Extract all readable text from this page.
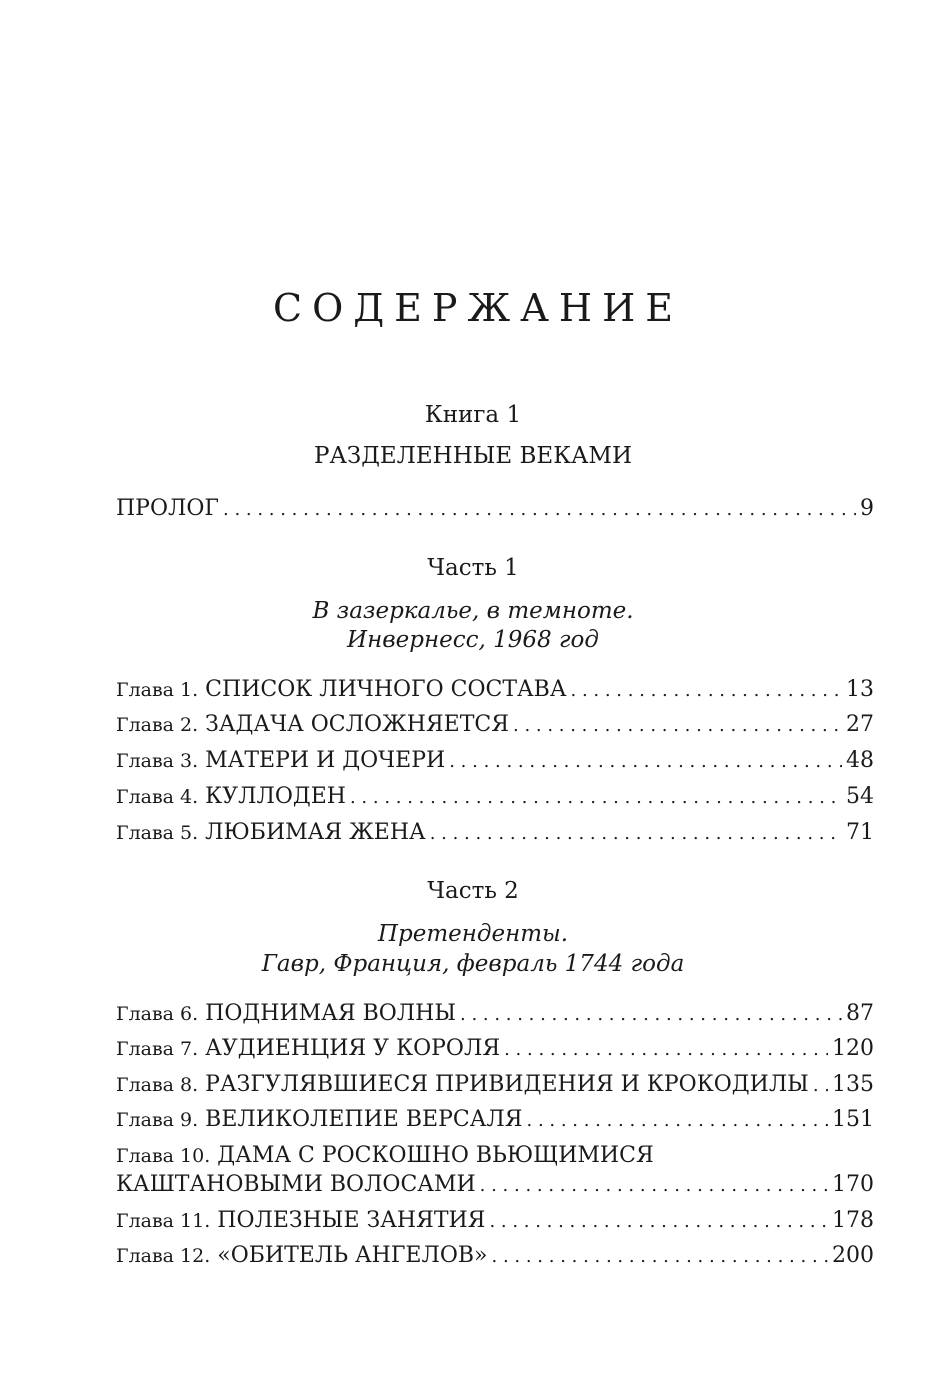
СОДЕРЖАНИЕ
Книга 1
РАЗДЕЛЕННЫЕ ВЕКАМИ
ПРОЛОГ . . .	9
Часть 1
В зазеркалье, в темноте.
Инвернесс, 1968 год
Глава 1. СПИСОК ЛИЧНОГО СОСТАВА . . .	13
Глава 2. ЗАДАЧА ОСЛОЖНЯЕТСЯ . . .	27
Глава 3. МАТЕРИ И ДОЧЕРИ . . .	48
Глава 4. КУЛЛОДЕН . . .	54
Глава 5. ЛЮБИМАЯ ЖЕНА . . .	71
Часть 2
Претенденты.
Гавр, Франция, февраль 1744 года
Глава 6. ПОДНИМАЯ ВОЛНЫ . . .	87
Глава 7. АУДИЕНЦИЯ У КОРОЛЯ . . .	120
Глава 8. РАЗГУЛЯВШИЕСЯ ПРИВИДЕНИЯ И КРОКОДИЛЫ . . . 135
Глава 9. ВЕЛИКОЛЕПИЕ ВЕРСАЛЯ . . .	151
Глава 10. ДАМА С РОСКОШНО ВЬЮЩИМИСЯ
КАШТАНОВЫМИ ВОЛОСАМИ . . .	170
Глава 11. ПОЛЕЗНЫЕ ЗАНЯТИЯ . . .	178
Глава 12. «ОБИТЕЛЬ АНГЕЛОВ» . . .	200
